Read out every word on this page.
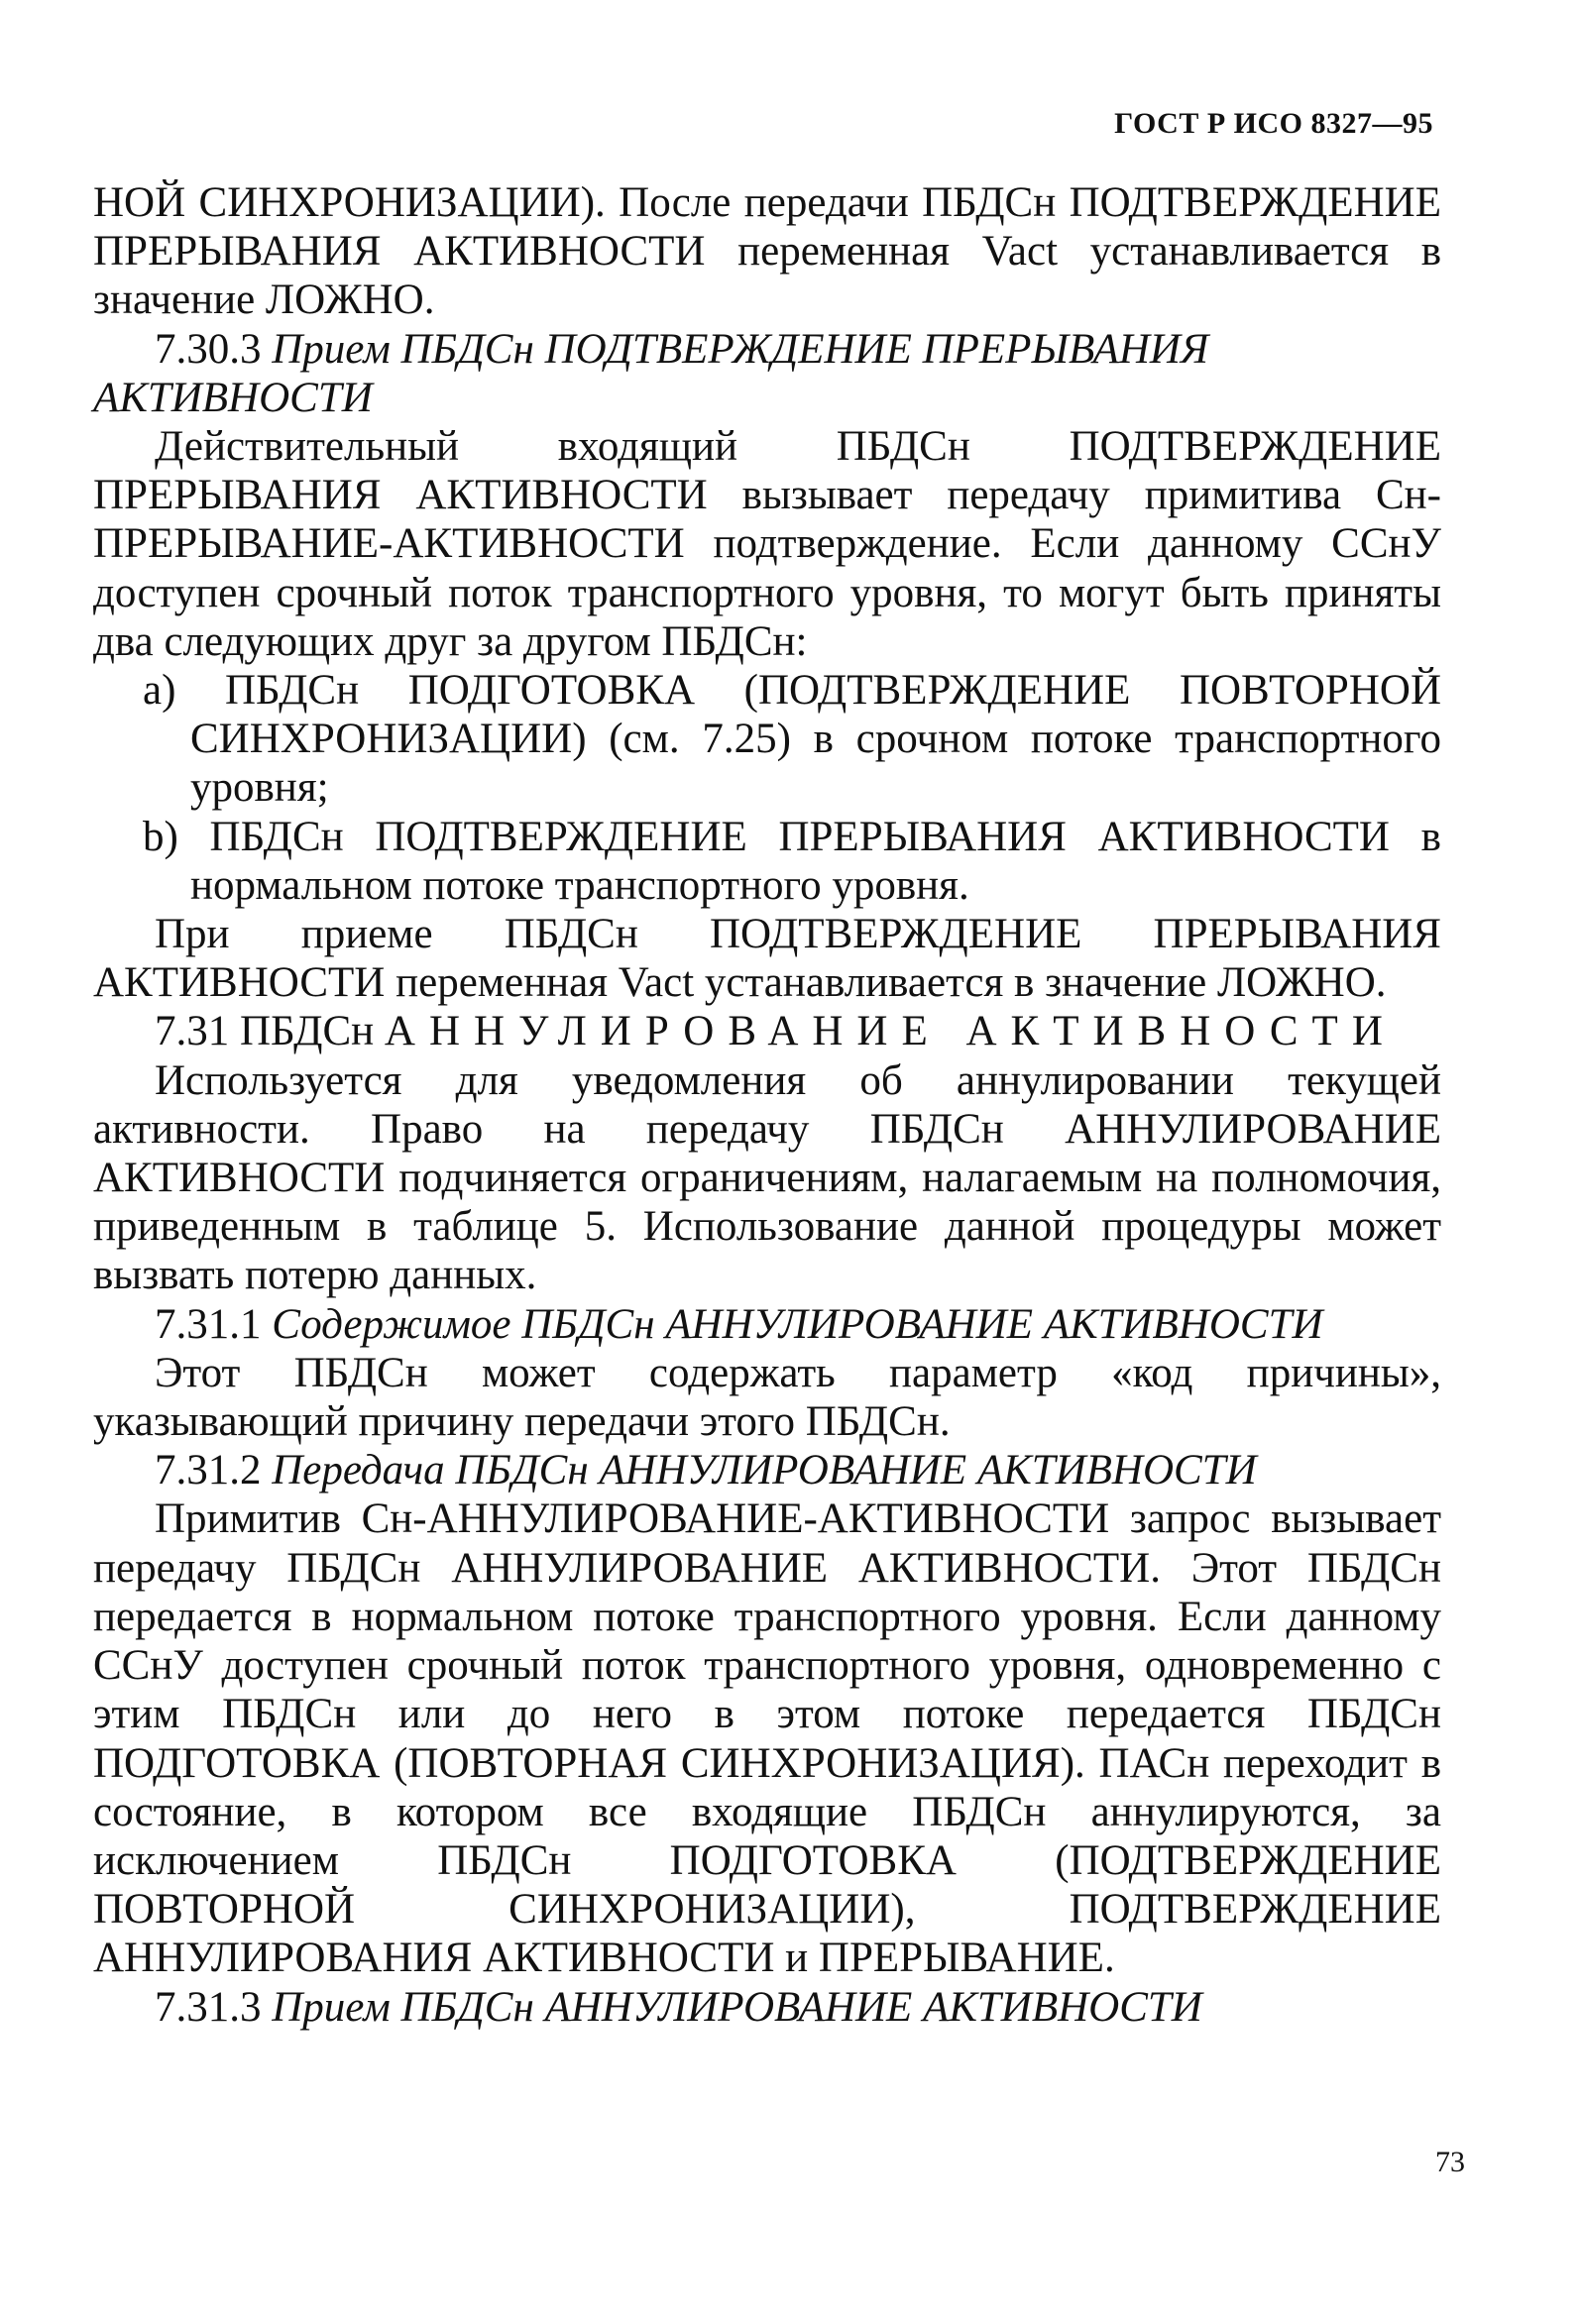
ГОСТ Р ИСО 8327—95

НОЙ СИНХРОНИЗАЦИИ). После передачи ПБДСн ПОДТВЕРЖДЕНИЕ ПРЕРЫВАНИЯ АКТИВНОСТИ переменная Vact устанавливается в значение ЛОЖНО.

7.30.3 Прием ПБДСн ПОДТВЕРЖДЕНИЕ ПРЕРЫВАНИЯ АКТИВНОСТИ

Действительный входящий ПБДСн ПОДТВЕРЖДЕНИЕ ПРЕРЫВАНИЯ АКТИВНОСТИ вызывает передачу примитива Сн-ПРЕРЫВАНИЕ-АКТИВНОСТИ подтверждение. Если данному ССнУ доступен срочный поток транспортного уровня, то могут быть приняты два следующих друг за другом ПБДСн:

a) ПБДСн ПОДГОТОВКА (ПОДТВЕРЖДЕНИЕ ПОВТОРНОЙ СИНХРОНИЗАЦИИ) (см. 7.25) в срочном потоке транспортного уровня;

b) ПБДСн ПОДТВЕРЖДЕНИЕ ПРЕРЫВАНИЯ АКТИВНОСТИ в нормальном потоке транспортного уровня.

При приеме ПБДСн ПОДТВЕРЖДЕНИЕ ПРЕРЫВАНИЯ АКТИВНОСТИ переменная Vact устанавливается в значение ЛОЖНО.

7.31 ПБДСн АННУЛИРОВАНИЕ АКТИВНОСТИ

Используется для уведомления об аннулировании текущей активности. Право на передачу ПБДСн АННУЛИРОВАНИЕ АКТИВНОСТИ подчиняется ограничениям, налагаемым на полномочия, приведенным в таблице 5. Использование данной процедуры может вызвать потерю данных.

7.31.1 Содержимое ПБДСн АННУЛИРОВАНИЕ АКТИВНОСТИ

Этот ПБДСн может содержать параметр «код причины», указывающий причину передачи этого ПБДСн.

7.31.2 Передача ПБДСн АННУЛИРОВАНИЕ АКТИВНОСТИ

Примитив Сн-АННУЛИРОВАНИЕ-АКТИВНОСТИ запрос вызывает передачу ПБДСн АННУЛИРОВАНИЕ АКТИВНОСТИ. Этот ПБДСн передается в нормальном потоке транспортного уровня. Если данному ССнУ доступен срочный поток транспортного уровня, одновременно с этим ПБДСн или до него в этом потоке передается ПБДСн ПОДГОТОВКА (ПОВТОРНАЯ СИНХРОНИЗАЦИЯ). ПАСн переходит в состояние, в котором все входящие ПБДСн аннулируются, за исключением ПБДСн ПОДГОТОВКА (ПОДТВЕРЖДЕНИЕ ПОВТОРНОЙ СИНХРОНИЗАЦИИ), ПОДТВЕРЖДЕНИЕ АННУЛИРОВАНИЯ АКТИВНОСТИ и ПРЕРЫВАНИЕ.

7.31.3 Прием ПБДСн АННУЛИРОВАНИЕ АКТИВНОСТИ

73
